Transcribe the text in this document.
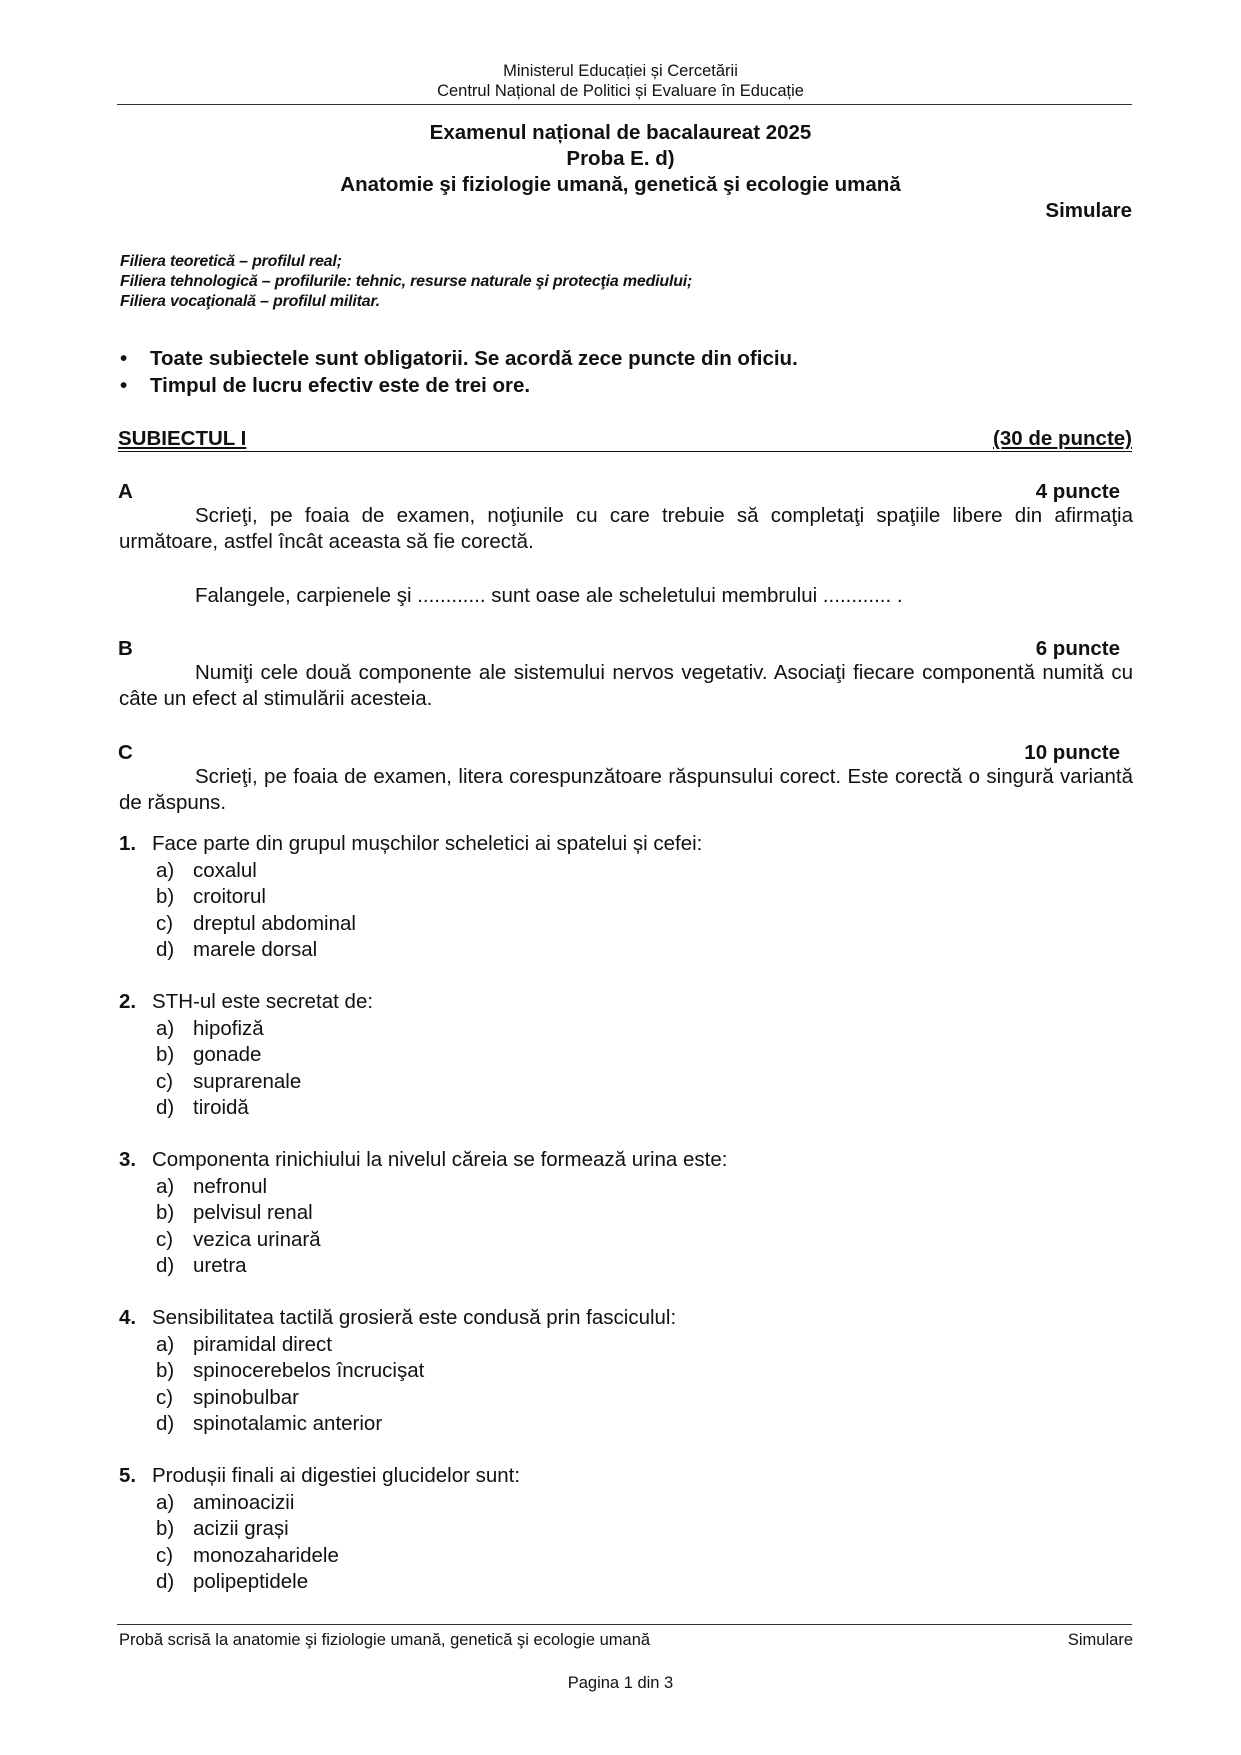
Ministerul Educației și Cercetării
Centrul Național de Politici și Evaluare în Educație
Examenul național de bacalaureat 2025
Proba E. d)
Anatomie şi fiziologie umană, genetică şi ecologie umană
Simulare
Filiera teoretică – profilul real;
Filiera tehnologică – profilurile: tehnic, resurse naturale şi protecţia mediului;
Filiera vocaţională – profilul militar.
•	Toate subiectele sunt obligatorii. Se acordă zece puncte din oficiu.
•	Timpul de lucru efectiv este de trei ore.
SUBIECTUL I	(30 de puncte)
A	4 puncte
Scrieţi, pe foaia de examen, noţiunile cu care trebuie să completaţi spaţiile libere din afirmaţia următoare, astfel încât aceasta să fie corectă.
Falangele, carpienele şi ............ sunt oase ale scheletului membrului ............ .
B	6 puncte
Numiţi cele două componente ale sistemului nervos vegetativ. Asociaţi fiecare componentă numită cu câte un efect al stimulării acesteia.
C	10 puncte
Scrieţi, pe foaia de examen, litera corespunzătoare răspunsului corect. Este corectă o singură variantă de răspuns.
1. Face parte din grupul mușchilor scheletici ai spatelui și cefei:
a) coxalul
b) croitorul
c) dreptul abdominal
d) marele dorsal
2. STH-ul este secretat de:
a) hipofiză
b) gonade
c) suprarenale
d) tiroidă
3. Componenta rinichiului la nivelul căreia se formează urina este:
a) nefronul
b) pelvisul renal
c) vezica urinară
d) uretra
4. Sensibilitatea tactilă grosieră este condusă prin fasciculul:
a) piramidal direct
b) spinocerebelos încrucişat
c) spinobulbar
d) spinotalamic anterior
5. Produșii finali ai digestiei glucidelor sunt:
a) aminoacizii
b) acizii grași
c) monozaharidele
d) polipeptidele
Probă scrisă la anatomie şi fiziologie umană, genetică şi ecologie umană	Simulare
Pagina 1 din 3
